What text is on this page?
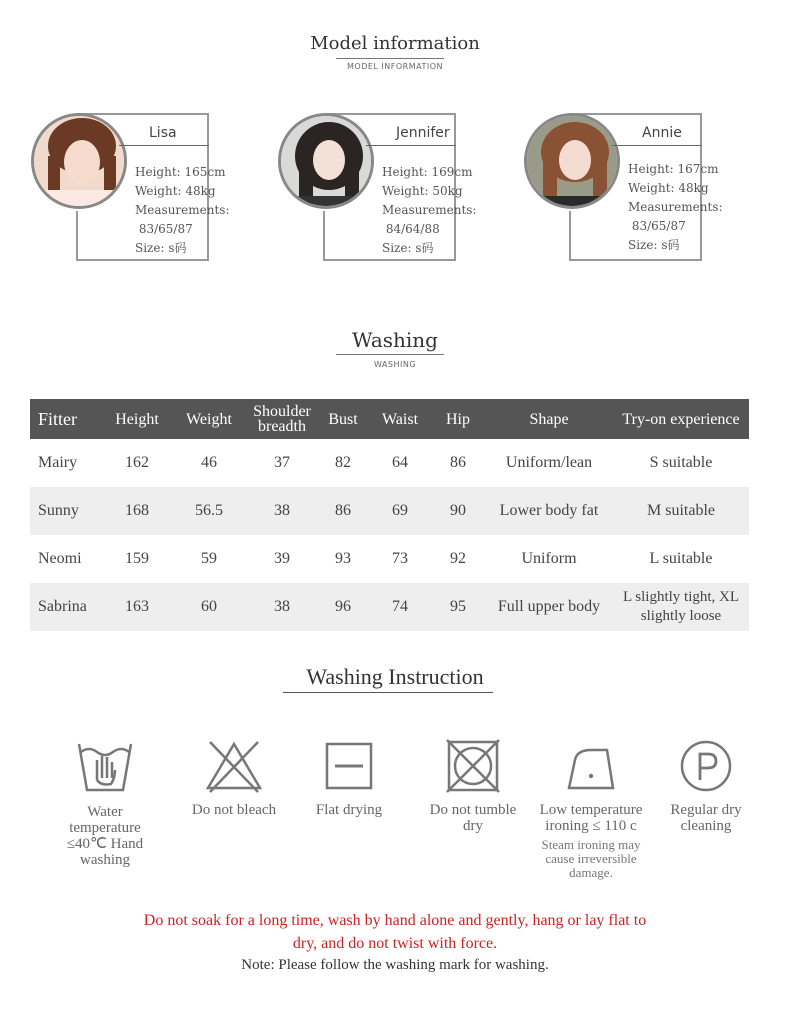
Model information
MODEL INFORMATION
Lisa
Height: 165cm
Weight: 48kg
Measurements:
83/65/87
Size: s码
Jennifer
Height: 169cm
Weight: 50kg
Measurements:
84/64/88
Size: s码
Annie
Height: 167cm
Weight: 48kg
Measurements:
83/65/87
Size: s码
Washing
WASHING
Fitter	Height	Weight	Shoulder breadth	Bust	Waist	Hip	Shape	Try-on experience
Mairy	162	46	37	82	64	86	Uniform/lean	S suitable
Sunny	168	56.5	38	86	69	90	Lower body fat	M suitable
Neomi	159	59	39	93	73	92	Uniform	L suitable
Sabrina	163	60	38	96	74	95	Full upper body	L slightly tight, XL slightly loose
Washing Instruction
Water temperature ≤40℃ Hand washing
Do not bleach	Flat drying	Do not tumble dry
Low temperature ironing ≤ 110 c
Steam ironing may cause irreversible damage.
Regular dry cleaning
Do not soak for a long time, wash by hand alone and gently, hang or lay flat to dry, and do not twist with force.
Note: Please follow the washing mark for washing.
